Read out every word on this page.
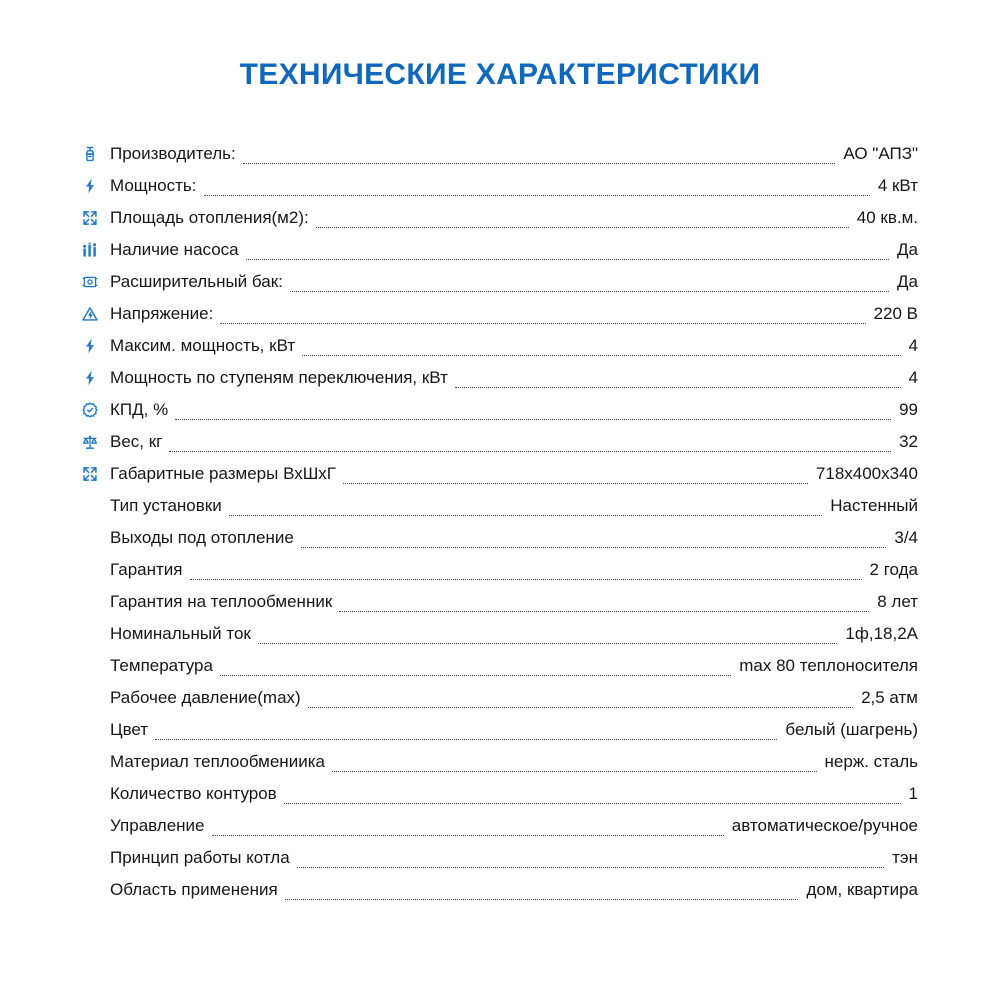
ТЕХНИЧЕСКИЕ ХАРАКТЕРИСТИКИ
Производитель:	АО "АПЗ"
Мощность:	4 кВт
Площадь отопления(м2):	40 кв.м.
Наличие насоса	Да
Расширительный бак:	Да
Напряжение:	220 В
Максим. мощность, кВт	4
Мощность по ступеням переключения, кВт	4
КПД, %	99
Вес, кг	32
Габаритные размеры ВхШхГ	718x400x340
Тип установки	Настенный
Выходы под отопление	3/4
Гарантия	2 года
Гарантия на теплообменник	8 лет
Номинальный ток	1ф,18,2А
Температура	max 80 теплоносителя
Рабочее давление(max)	2,5 атм
Цвет	белый (шагрень)
Материал теплообмениика	нерж. сталь
Количество контуров	1
Управление	автоматическое/ручное
Принцип работы котла	тэн
Область применения	дом, квартира
